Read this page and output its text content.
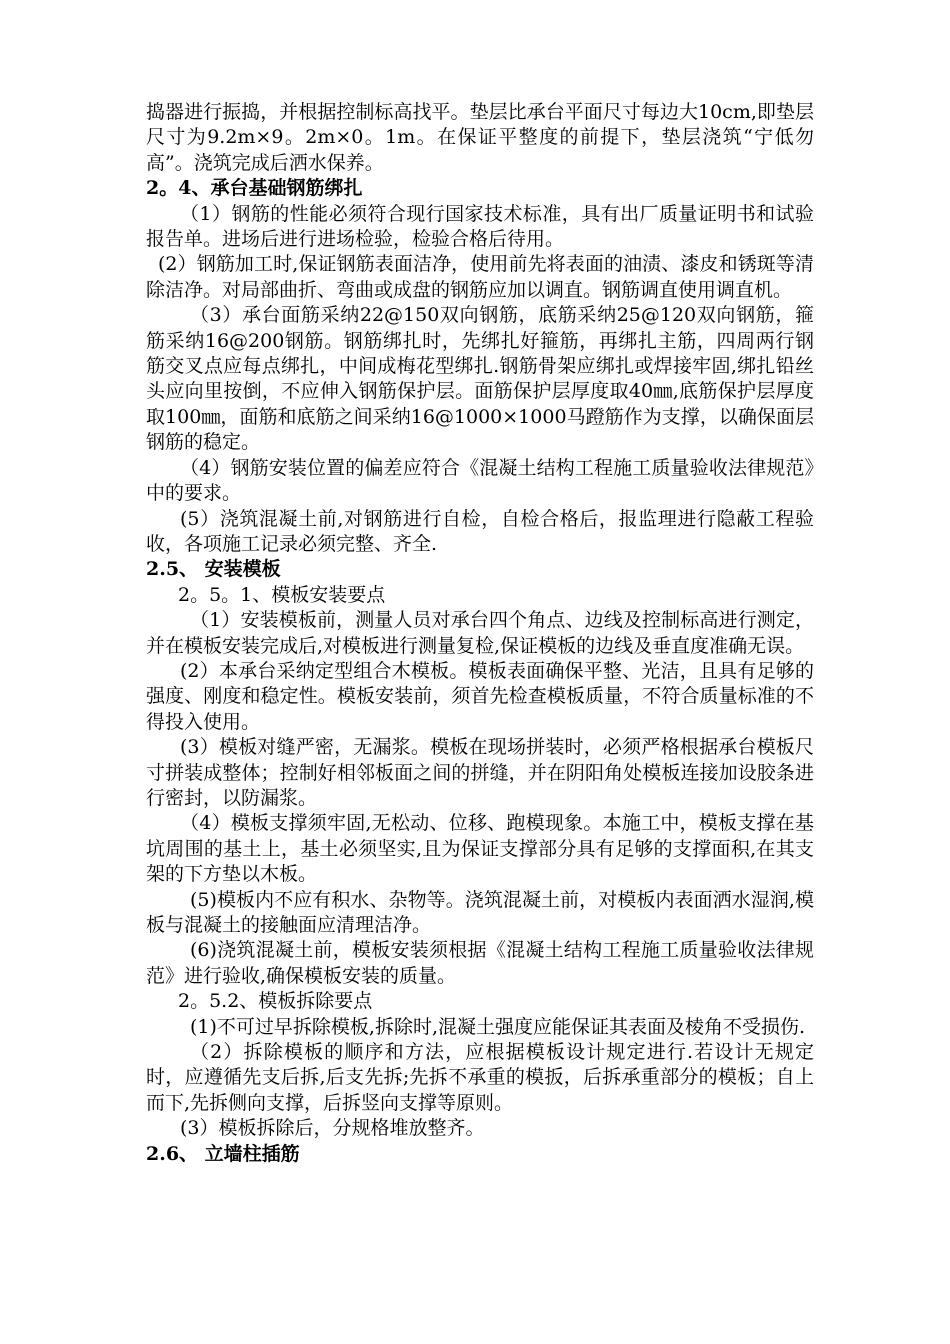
捣器进行振捣，并根据控制标高找平。垫层比承台平面尺寸每边大10cm,即垫层尺寸为9.2m×9。2m×0。1m。在保证平整度的前提下，垫层浇筑“宁低勿高”。浇筑完成后洒水保养。

2。4、承台基础钢筋绑扎

（1）钢筋的性能必须符合现行国家技术标准，具有出厂质量证明书和试验报告单。进场后进行进场检验，检验合格后待用。

(2）钢筋加工时,保证钢筋表面洁净，使用前先将表面的油渍、漆皮和锈斑等清除洁净。对局部曲折、弯曲或成盘的钢筋应加以调直。钢筋调直使用调直机。

（3）承台面筋采纳22@150双向钢筋，底筋采纳25@120双向钢筋，箍筋采纳16@200钢筋。钢筋绑扎时，先绑扎好箍筋，再绑扎主筋，四周两行钢筋交叉点应每点绑扎，中间成梅花型绑扎.钢筋骨架应绑扎或焊接牢固,绑扎铅丝头应向里按倒，不应伸入钢筋保护层。面筋保护层厚度取40㎜,底筋保护层厚度取100㎜，面筋和底筋之间采纳16@1000×1000马蹬筋作为支撑，以确保面层钢筋的稳定。

（4）钢筋安装位置的偏差应符合《混凝土结构工程施工质量验收法律规范》中的要求。

(5）浇筑混凝土前,对钢筋进行自检，自检合格后，报监理进行隐蔽工程验收，各项施工记录必须完整、齐全.

2.5、 安装模板

2。5。1、模板安装要点

（1）安装模板前，测量人员对承台四个角点、边线及控制标高进行测定，并在模板安装完成后,对模板进行测量复检,保证模板的边线及垂直度准确无误。

(2）本承台采纳定型组合木模板。模板表面确保平整、光洁，且具有足够的强度、刚度和稳定性。模板安装前，须首先检查模板质量，不符合质量标准的不得投入使用。

(3）模板对缝严密，无漏浆。模板在现场拼装时，必须严格根据承台模板尺寸拼装成整体；控制好相邻板面之间的拼缝，并在阴阳角处模板连接加设胶条进行密封，以防漏浆。

（4）模板支撑须牢固,无松动、位移、跑模现象。本施工中，模板支撑在基坑周围的基土上，基土必须坚实,且为保证支撑部分具有足够的支撑面积,在其支架的下方垫以木板。

(5)模板内不应有积水、杂物等。浇筑混凝土前，对模板内表面洒水湿润,模板与混凝土的接触面应清理洁净。

(6)浇筑混凝土前，模板安装须根据《混凝土结构工程施工质量验收法律规范》进行验收,确保模板安装的质量。

2。5.2、模板拆除要点

(1)不可过早拆除模板,拆除时,混凝土强度应能保证其表面及棱角不受损伤.

（2）拆除模板的顺序和方法，应根据模板设计规定进行.若设计无规定时，应遵循先支后拆,后支先拆;先拆不承重的模扳，后拆承重部分的模板；自上而下,先拆侧向支撑，后拆竖向支撑等原则。

(3）模板拆除后，分规格堆放整齐。

2.6、 立墙柱插筋
